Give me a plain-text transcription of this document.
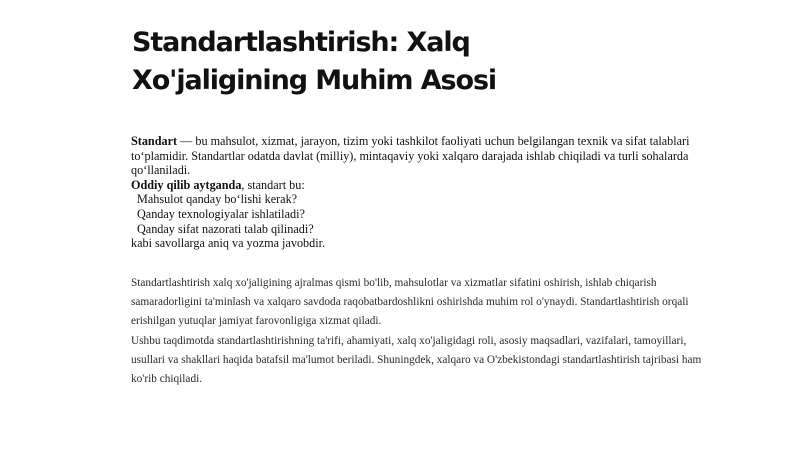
Standartlashtirish: Xalq
Xo'jaligining Muhim Asosi
Standart — bu mahsulot, xizmat, jarayon, tizim yoki tashkilot faoliyati uchun belgilangan texnik va sifat talablari
toʻplamidir. Standartlar odatda davlat (milliy), mintaqaviy yoki xalqaro darajada ishlab chiqiladi va turli sohalarda
qoʻllaniladi.
Oddiy qilib aytganda, standart bu:
Mahsulot qanday boʻlishi kerak?
Qanday texnologiyalar ishlatiladi?
Qanday sifat nazorati talab qilinadi?
kabi savollarga aniq va yozma javobdir.
Standartlashtirish xalq xo'jaligining ajralmas qismi bo'lib, mahsulotlar va xizmatlar sifatini oshirish, ishlab chiqarish
samaradorligini ta'minlash va xalqaro savdoda raqobatbardoshlikni oshirishda muhim rol o'ynaydi. Standartlashtirish orqali
erishilgan yutuqlar jamiyat farovonligiga xizmat qiladi.
Ushbu taqdimotda standartlashtirishning ta'rifi, ahamiyati, xalq xo'jaligidagi roli, asosiy maqsadlari, vazifalari, tamoyillari,
usullari va shakllari haqida batafsil ma'lumot beriladi. Shuningdek, xalqaro va O'zbekistondagi standartlashtirish tajribasi ham
ko'rib chiqiladi.
